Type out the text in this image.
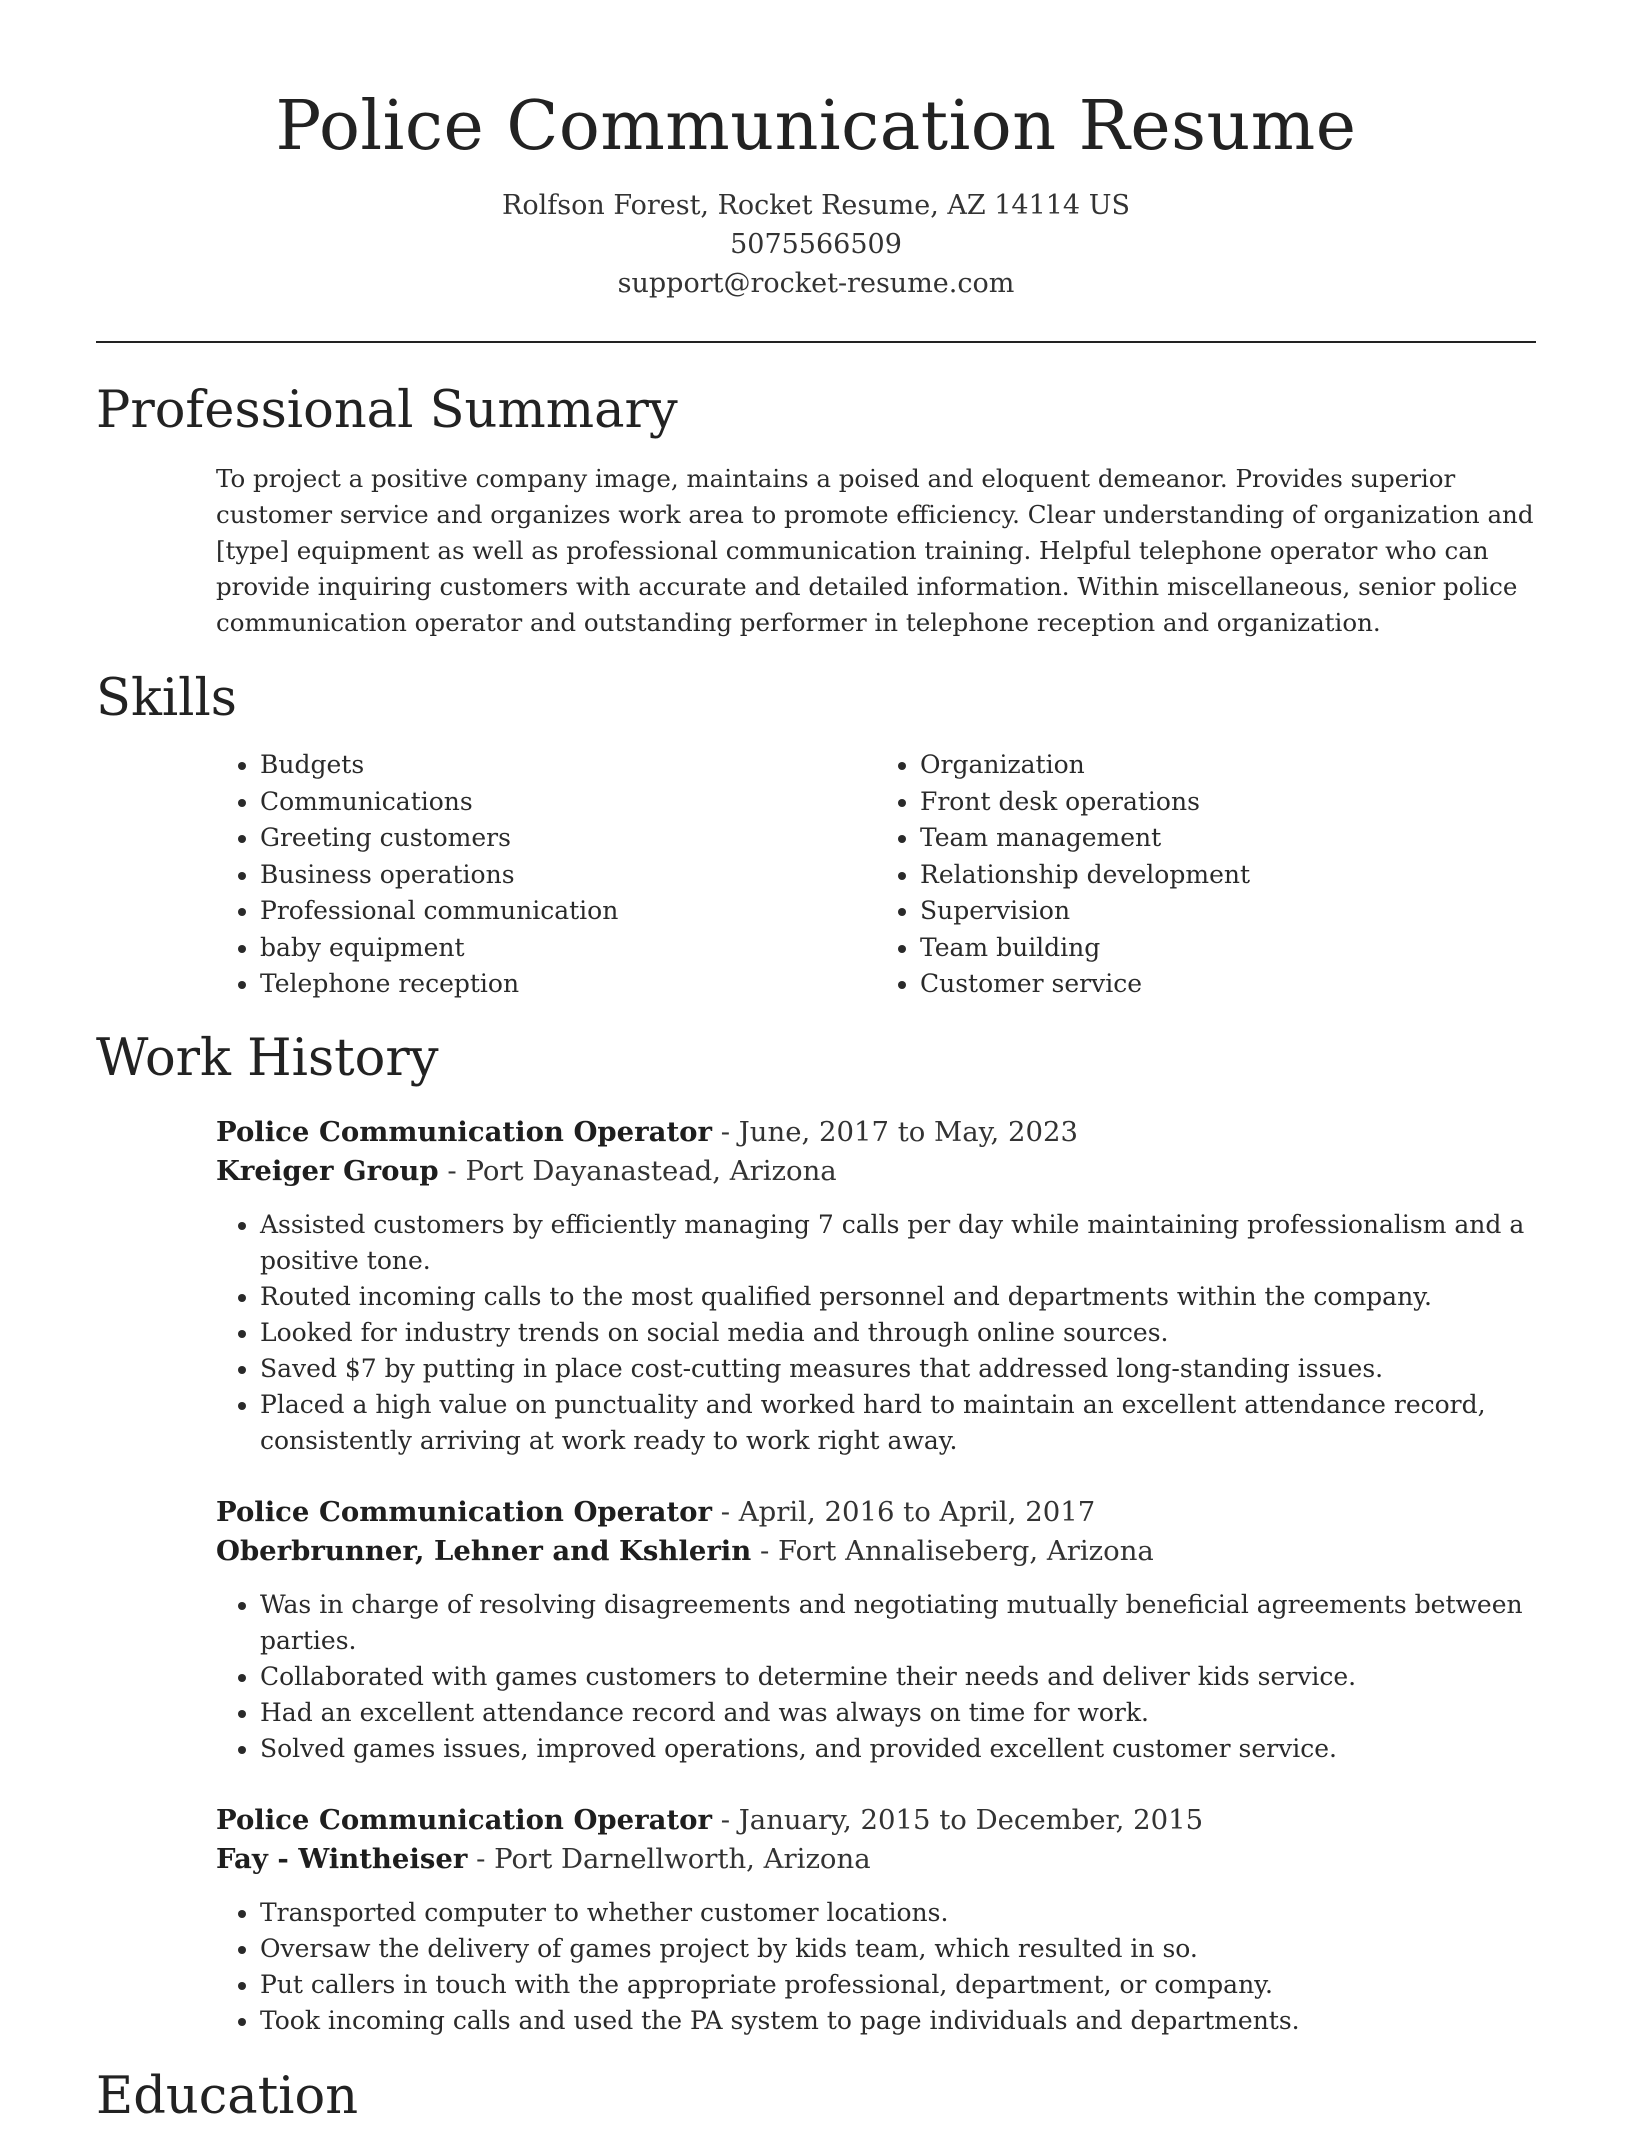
Police Communication Resume
Rolfson Forest, Rocket Resume, AZ 14114 US
5075566509
support@rocket-resume.com
Professional Summary
To project a positive company image, maintains a poised and eloquent demeanor. Provides superior customer service and organizes work area to promote efficiency. Clear understanding of organization and [type] equipment as well as professional communication training. Helpful telephone operator who can provide inquiring customers with accurate and detailed information. Within miscellaneous, senior police communication operator and outstanding performer in telephone reception and organization.
Skills
• Budgets
• Communications
• Greeting customers
• Business operations
• Professional communication
• baby equipment
• Telephone reception
• Organization
• Front desk operations
• Team management
• Relationship development
• Supervision
• Team building
• Customer service
Work History
Police Communication Operator - June, 2017 to May, 2023
Kreiger Group - Port Dayanastead, Arizona
• Assisted customers by efficiently managing 7 calls per day while maintaining professionalism and a positive tone.
• Routed incoming calls to the most qualified personnel and departments within the company.
• Looked for industry trends on social media and through online sources.
• Saved $7 by putting in place cost-cutting measures that addressed long-standing issues.
• Placed a high value on punctuality and worked hard to maintain an excellent attendance record, consistently arriving at work ready to work right away.
Police Communication Operator - April, 2016 to April, 2017
Oberbrunner, Lehner and Kshlerin - Fort Annaliseberg, Arizona
• Was in charge of resolving disagreements and negotiating mutually beneficial agreements between parties.
• Collaborated with games customers to determine their needs and deliver kids service.
• Had an excellent attendance record and was always on time for work.
• Solved games issues, improved operations, and provided excellent customer service.
Police Communication Operator - January, 2015 to December, 2015
Fay - Wintheiser - Port Darnellworth, Arizona
• Transported computer to whether customer locations.
• Oversaw the delivery of games project by kids team, which resulted in so.
• Put callers in touch with the appropriate professional, department, or company.
• Took incoming calls and used the PA system to page individuals and departments.
Education
